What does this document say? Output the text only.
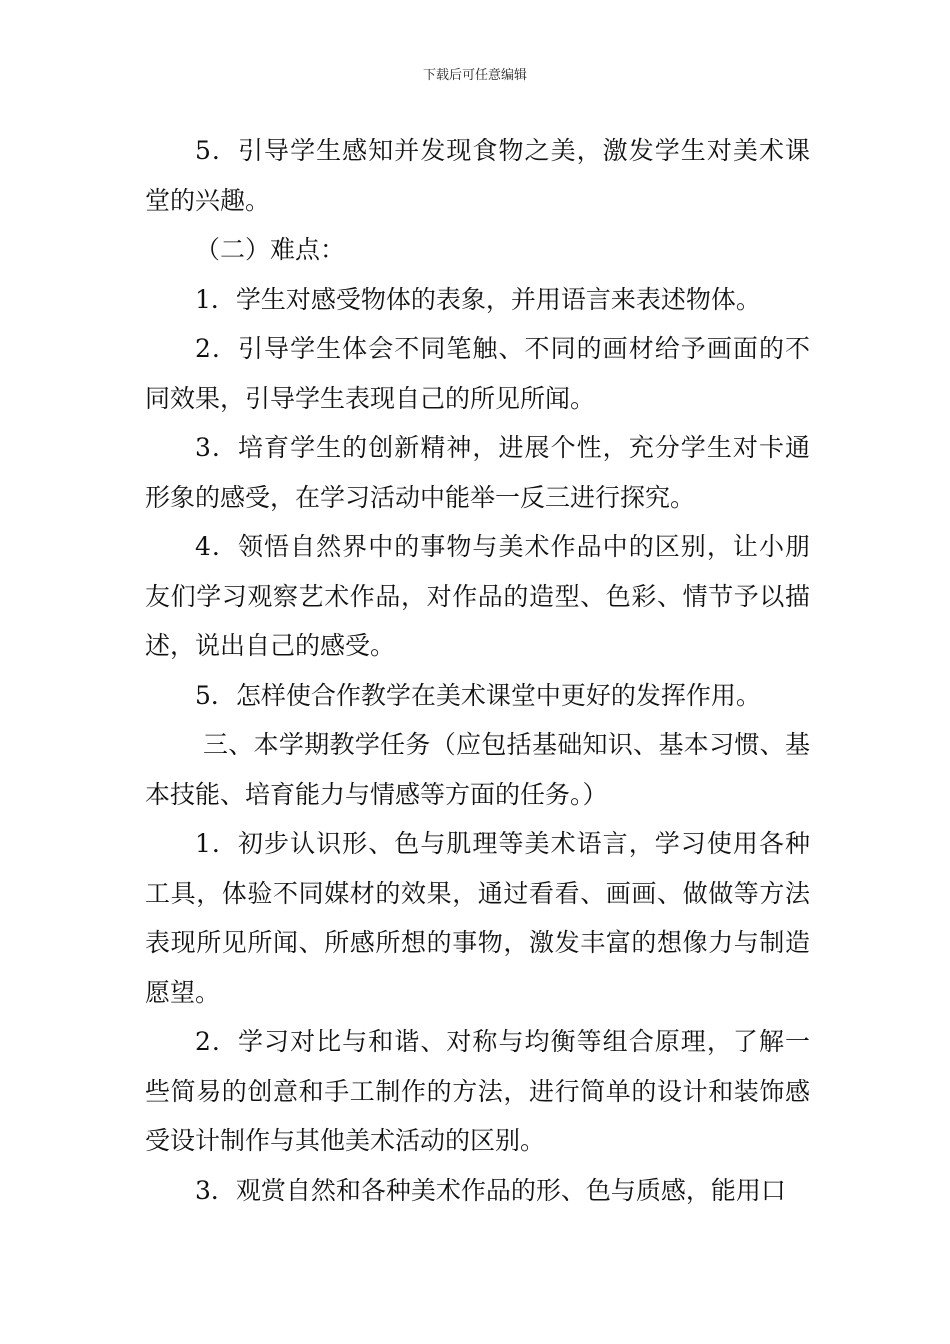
下载后可任意编辑

5．引导学生感知并发现食物之美，激发学生对美术课堂的兴趣。

（二）难点：

1．学生对感受物体的表象，并用语言来表述物体。

2．引导学生体会不同笔触、不同的画材给予画面的不同效果，引导学生表现自己的所见所闻。

3．培育学生的创新精神，进展个性，充分学生对卡通形象的感受，在学习活动中能举一反三进行探究。

4．领悟自然界中的事物与美术作品中的区别，让小朋友们学习观察艺术作品，对作品的造型、色彩、情节予以描述，说出自己的感受。

5．怎样使合作教学在美术课堂中更好的发挥作用。

三、本学期教学任务（应包括基础知识、基本习惯、基本技能、培育能力与情感等方面的任务。）

1．初步认识形、色与肌理等美术语言，学习使用各种工具，体验不同媒材的效果，通过看看、画画、做做等方法表现所见所闻、所感所想的事物，激发丰富的想像力与制造愿望。

2．学习对比与和谐、对称与均衡等组合原理，了解一些简易的创意和手工制作的方法，进行简单的设计和装饰感受设计制作与其他美术活动的区别。

3．观赏自然和各种美术作品的形、色与质感，能用口
